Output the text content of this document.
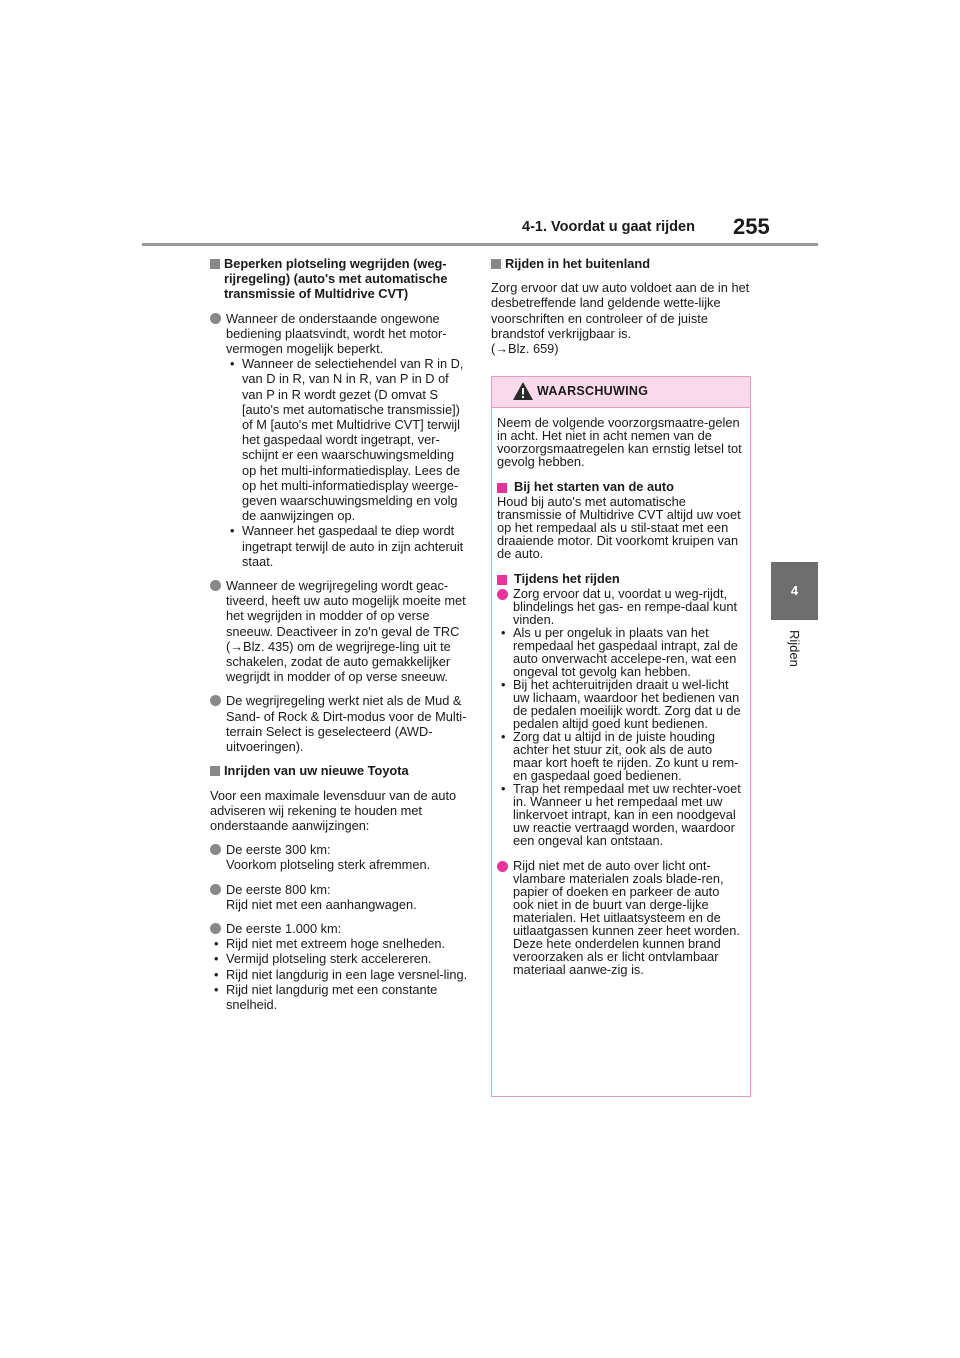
4-1. Voordat u gaat rijden 255
4
Rijden
Beperken plotseling wegrijden (weg-rijregeling) (auto's met automatische transmissie of Multidrive CVT)
Wanneer de onderstaande ongewone bediening plaatsvindt, wordt het motor-vermogen mogelijk beperkt.
• Wanneer de selectiehendel van R in D, van D in R, van N in R, van P in D of van P in R wordt gezet (D omvat S [auto's met automatische transmissie]) of M [auto's met Multidrive CVT] terwijl het gaspedaal wordt ingetrapt, ver-schijnt er een waarschuwingsmelding op het multi-informatiedisplay. Lees de op het multi-informatiedisplay weerge-geven waarschuwingsmelding en volg de aanwijzingen op.
• Wanneer het gaspedaal te diep wordt ingetrapt terwijl de auto in zijn achteruit staat.
Wanneer de wegrijregeling wordt geac-tiveerd, heeft uw auto mogelijk moeite met het wegrijden in modder of op verse sneeuw. Deactiveer in zo'n geval de TRC (→Blz. 435) om de wegrijrege-ling uit te schakelen, zodat de auto gemakkelijker wegrijdt in modder of op verse sneeuw.
De wegrijregeling werkt niet als de Mud & Sand- of Rock & Dirt-modus voor de Multi-terrain Select is geselecteerd (AWD-uitvoeringen).
Inrijden van uw nieuwe Toyota
Voor een maximale levensduur van de auto adviseren wij rekening te houden met onderstaande aanwijzingen:
De eerste 300 km:
Voorkom plotseling sterk afremmen.
De eerste 800 km:
Rijd niet met een aanhangwagen.
De eerste 1.000 km:
• Rijd niet met extreem hoge snelheden.
• Vermijd plotseling sterk accelereren.
• Rijd niet langdurig in een lage versnel-ling.
• Rijd niet langdurig met een constante snelheid.
Rijden in het buitenland
Zorg ervoor dat uw auto voldoet aan de in het desbetreffende land geldende wette-lijke voorschriften en controleer of de juiste brandstof verkrijgbaar is.
(→Blz. 659)
WAARSCHUWING
Neem de volgende voorzorgsmaatre-gelen in acht. Het niet in acht nemen van de voorzorgsmaatregelen kan ernstig letsel tot gevolg hebben.
Bij het starten van de auto
Houd bij auto's met automatische transmissie of Multidrive CVT altijd uw voet op het rempedaal als u stil-staat met een draaiende motor. Dit voorkomt kruipen van de auto.
Tijdens het rijden
Zorg ervoor dat u, voordat u weg-rijdt, blindelings het gas- en rempe-daal kunt vinden.
• Als u per ongeluk in plaats van het rempedaal het gaspedaal intrapt, zal de auto onverwacht acceleре-ren, wat een ongeval tot gevolg kan hebben.
• Bij het achteruitrijden draait u wel-licht uw lichaam, waardoor het bedienen van de pedalen moeilijk wordt. Zorg dat u de pedalen altijd goed kunt bedienen.
• Zorg dat u altijd in de juiste houding achter het stuur zit, ook als de auto maar kort hoeft te rijden. Zo kunt u rem- en gaspedaal goed bedienen.
• Trap het rempedaal met uw rechter-voet in. Wanneer u het rempedaal met uw linkervoet intrapt, kan in een noodgeval uw reactie vertraagd worden, waardoor een ongeval kan ontstaan.
Rijd niet met de auto over licht ont-vlambare materialen zoals blade-ren, papier of doeken en parkeer de auto ook niet in de buurt van derge-lijke materialen. Het uitlaatsysteem en de uitlaatgassen kunnen zeer heet worden. Deze hete onderdelen kunnen brand veroorzaken als er licht ontvlambaar materiaal aanwe-zig is.
